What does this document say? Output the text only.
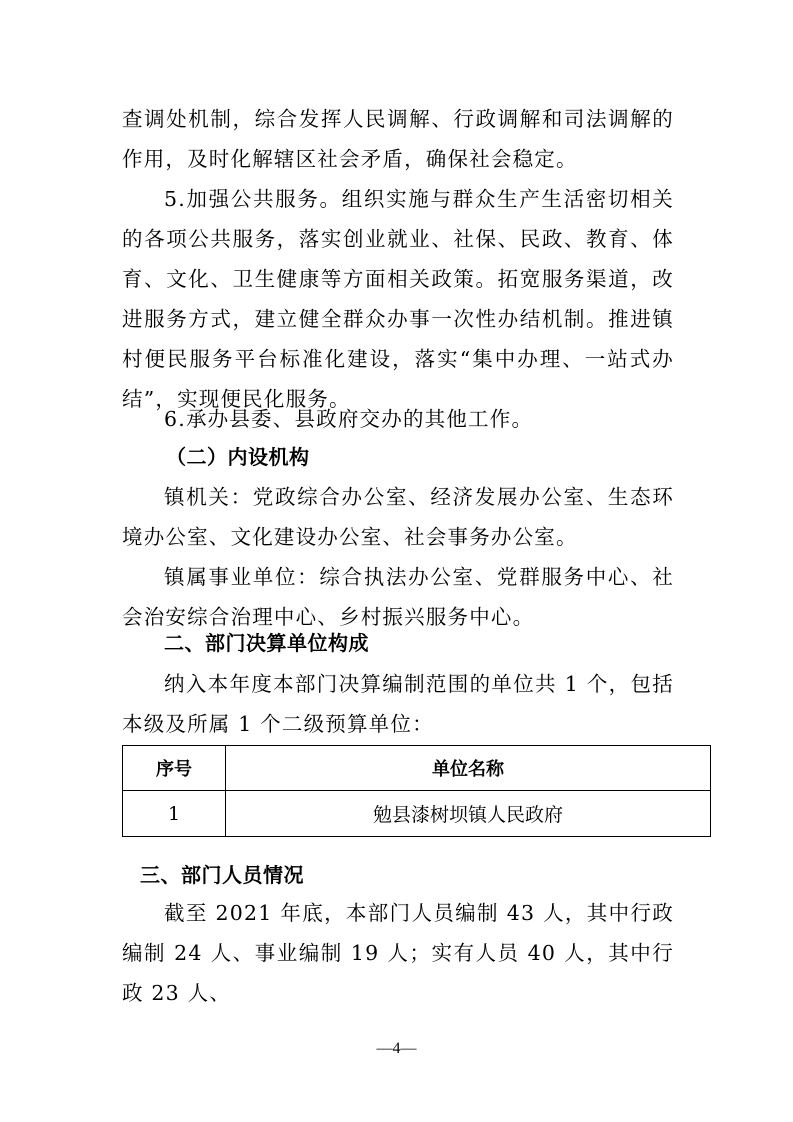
查调处机制，综合发挥人民调解、行政调解和司法调解的作用，及时化解辖区社会矛盾，确保社会稳定。

5.加强公共服务。组织实施与群众生产生活密切相关的各项公共服务，落实创业就业、社保、民政、教育、体育、文化、卫生健康等方面相关政策。拓宽服务渠道，改进服务方式，建立健全群众办事一次性办结机制。推进镇村便民服务平台标准化建设，落实“集中办理、一站式办结”，实现便民化服务。

6.承办县委、县政府交办的其他工作。

（二）内设机构

镇机关：党政综合办公室、经济发展办公室、生态环境办公室、文化建设办公室、社会事务办公室。

镇属事业单位：综合执法办公室、党群服务中心、社会治安综合治理中心、乡村振兴服务中心。

二、部门决算单位构成

纳入本年度本部门决算编制范围的单位共 1 个，包括本级及所属 1 个二级预算单位：

序号	单位名称
1	勉县漆树坝镇人民政府
三、部门人员情况

截至 2021 年底，本部门人员编制 43 人，其中行政编制 24 人、事业编制 19 人；实有人员 40 人，其中行政 23 人、

—4—
